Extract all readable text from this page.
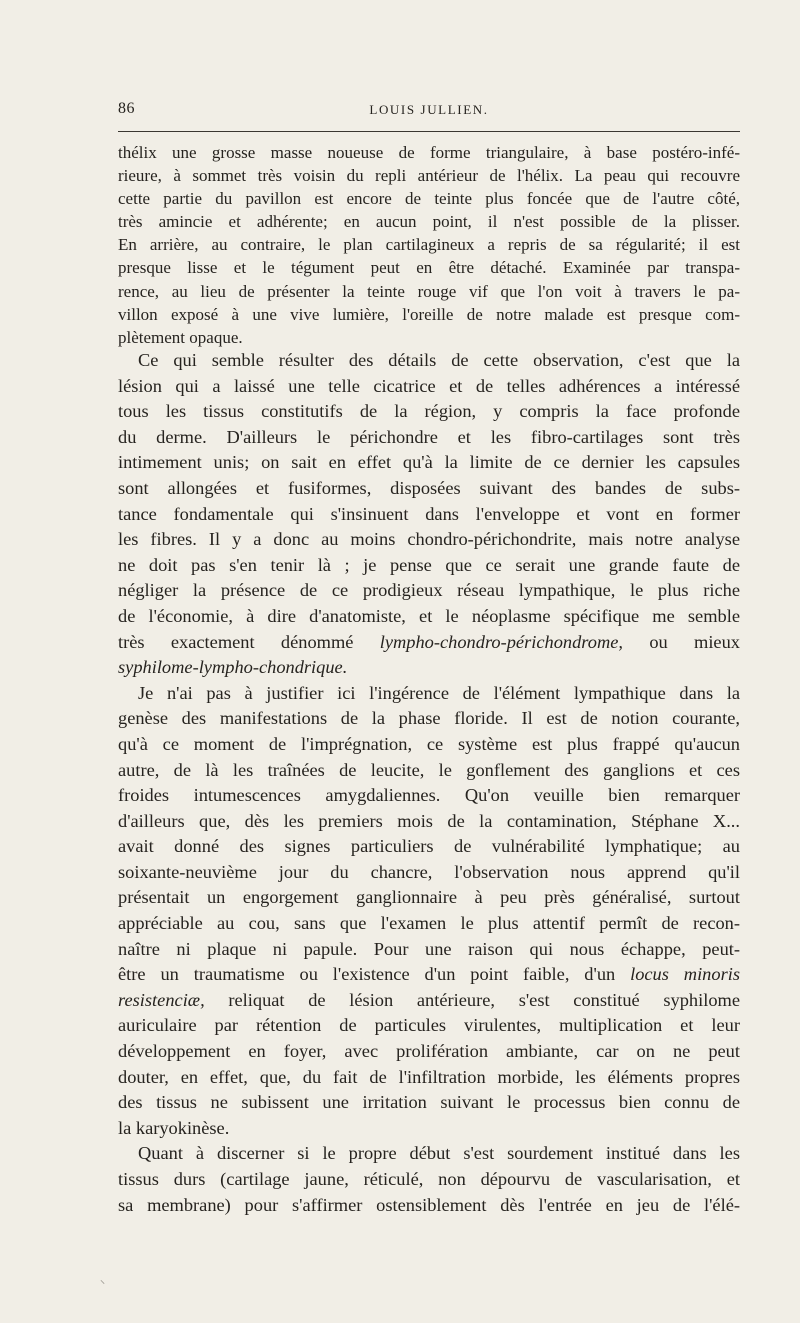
86	LOUIS JULLIEN.
thélix une grosse masse noueuse de forme triangulaire, à base postéro-infé-
rieure, à sommet très voisin du repli antérieur de l'hélix. La peau qui recouvre
cette partie du pavillon est encore de teinte plus foncée que de l'autre côté,
très amincie et adhérente; en aucun point, il n'est possible de la plisser.
En arrière, au contraire, le plan cartilagineux a repris de sa régularité; il est
presque lisse et le tégument peut en être détaché. Examinée par transpa-
rence, au lieu de présenter la teinte rouge vif que l'on voit à travers le pa-
villon exposé à une vive lumière, l'oreille de notre malade est presque com-
plètement opaque.
Ce qui semble résulter des détails de cette observation, c'est que la
lésion qui a laissé une telle cicatrice et de telles adhérences a intéressé
tous les tissus constitutifs de la région, y compris la face profonde
du derme. D'ailleurs le périchondre et les fibro-cartilages sont très
intimement unis; on sait en effet qu'à la limite de ce dernier les capsules
sont allongées et fusiformes, disposées suivant des bandes de subs-
tance fondamentale qui s'insinuent dans l'enveloppe et vont en former
les fibres. Il y a donc au moins chondro-périchondrite, mais notre analyse
ne doit pas s'en tenir là ; je pense que ce serait une grande faute de
négliger la présence de ce prodigieux réseau lympathique, le plus riche
de l'économie, à dire d'anatomiste, et le néoplasme spécifique me semble
très exactement dénommé lympho-chondro-périchondrome, ou mieux
syphilome-lympho-chondrique.
Je n'ai pas à justifier ici l'ingérence de l'élément lympathique dans la
genèse des manifestations de la phase floride. Il est de notion courante,
qu'à ce moment de l'imprégnation, ce système est plus frappé qu'aucun
autre, de là les traînées de leucite, le gonflement des ganglions et ces
froides intumescences amygdaliennes. Qu'on veuille bien remarquer
d'ailleurs que, dès les premiers mois de la contamination, Stéphane X...
avait donné des signes particuliers de vulnérabilité lymphatique; au
soixante-neuvième jour du chancre, l'observation nous apprend qu'il
présentait un engorgement ganglionnaire à peu près généralisé, surtout
appréciable au cou, sans que l'examen le plus attentif permît de recon-
naître ni plaque ni papule. Pour une raison qui nous échappe, peut-
être un traumatisme ou l'existence d'un point faible, d'un locus minoris
resistenciæ, reliquat de lésion antérieure, s'est constitué syphilome
auriculaire par rétention de particules virulentes, multiplication et leur
développement en foyer, avec prolifération ambiante, car on ne peut
douter, en effet, que, du fait de l'infiltration morbide, les éléments propres
des tissus ne subissent une irritation suivant le processus bien connu de
la karyokinèse.
Quant à discerner si le propre début s'est sourdement institué dans les
tissus durs (cartilage jaune, réticulé, non dépourvu de vascularisation, et
sa membrane) pour s'affirmer ostensiblement dès l'entrée en jeu de l'élé-
⸜
